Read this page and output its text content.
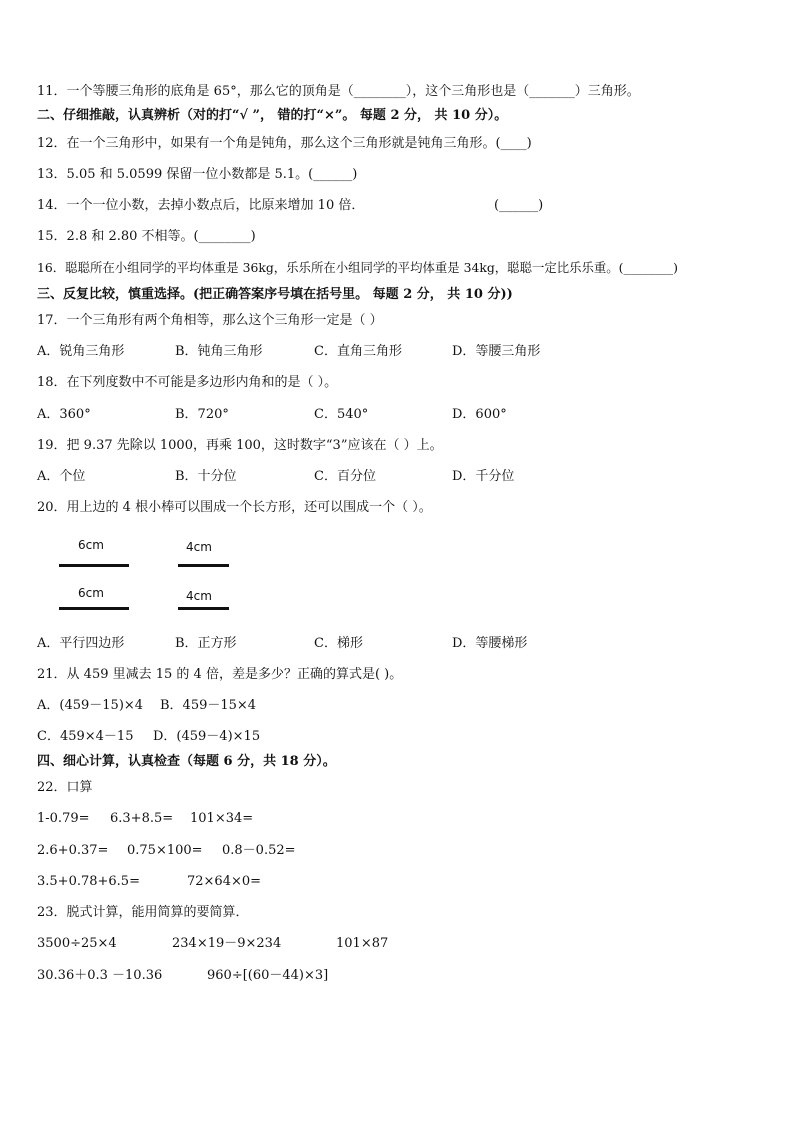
11．一个等腰三角形的底角是 65°，那么它的顶角是（________），这个三角形也是（_______）三角形。
二、仔细推敲，认真辨析（对的打“√ ”， 错的打“×”。 每题 2 分， 共 10 分）。
12．在一个三角形中，如果有一个角是钝角，那么这个三角形就是钝角三角形。(____)
13．5.05 和 5.0599 保留一位小数都是 5.1。(______)
14．一个一位小数，去掉小数点后，比原来增加 10 倍．	(______)
15．2.8 和 2.80 不相等。(________)
16．聪聪所在小组同学的平均体重是 36kg，乐乐所在小组同学的平均体重是 34kg，聪聪一定比乐乐重。(________)
三、反复比较，慎重选择。(把正确答案序号填在括号里。 每题 2 分， 共 10 分))
17．一个三角形有两个角相等，那么这个三角形一定是（ ）
A．锐角三角形	B．钝角三角形	C．直角三角形	D．等腰三角形
18．在下列度数中不可能是多边形内角和的是（ ）。
A．360°	B．720°	C．540°	D．600°
19．把 9.37 先除以 1000，再乘 100，这时数字“3”应该在（ ）上。
A．个位	B．十分位	C．百分位	D．千分位
20．用上边的 4 根小棒可以围成一个长方形，还可以围成一个（ ）。
6cm	4cm
6cm	4cm
A．平行四边形	B．正方形	C．梯形	D．等腰梯形
21．从 459 里减去 15 的 4 倍，差是多少？正确的算式是( )。
A．(459－15)×4 B．459－15×4
C．459×4－15 D．(459－4)×15
四、细心计算，认真检查（每题 6 分，共 18 分）。
22．口算
1-0.79= 6.3+8.5= 101×34=
2.6+0.37= 0.75×100= 0.8－0.52=
3.5+0.78+6.5=	72×64×0=
23．脱式计算，能用简算的要简算．
3500÷25×4	234×19－9×234	101×87
30.36＋0.3 －10.36	960÷[(60－44)×3]
